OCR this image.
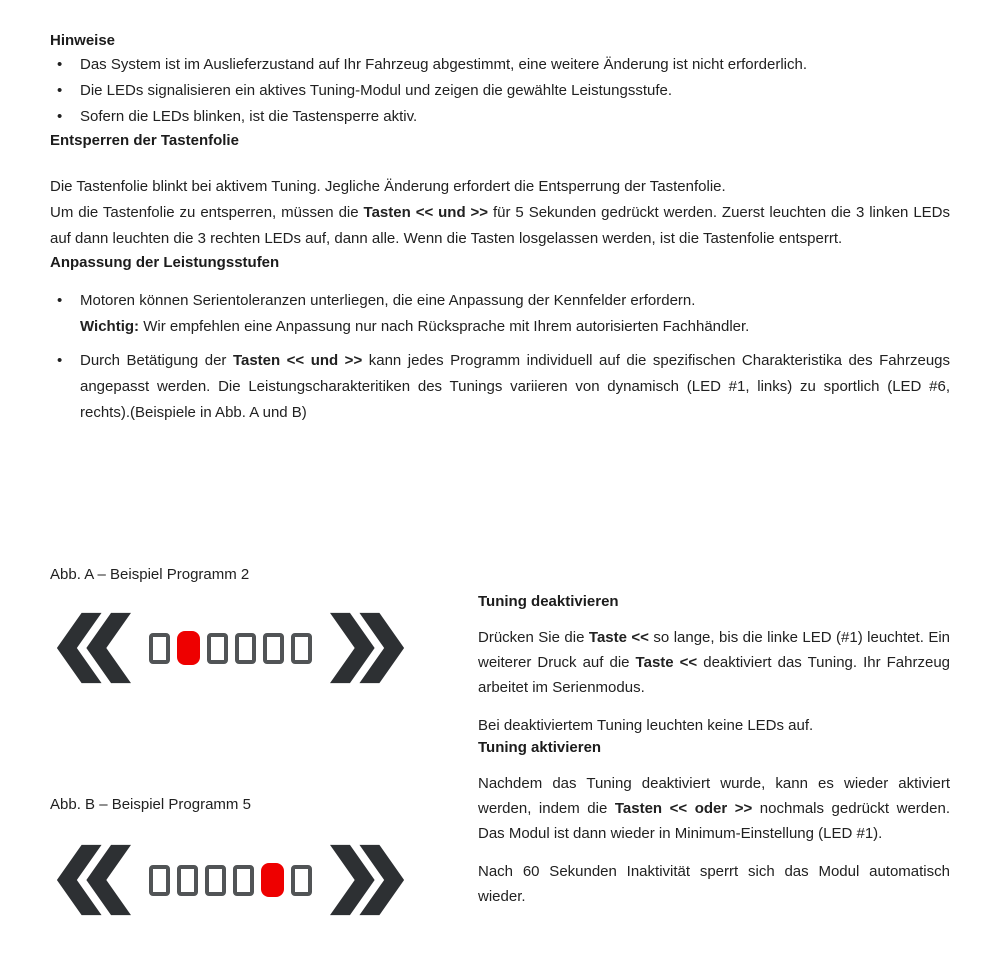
Hinweise
• Das System ist im Auslieferzustand auf Ihr Fahrzeug abgestimmt, eine weitere Änderung ist nicht erforderlich.
• Die LEDs signalisieren ein aktives Tuning-Modul und zeigen die gewählte Leistungsstufe.
• Sofern die LEDs blinken, ist die Tastensperre aktiv.
Entsperren der Tastenfolie

Die Tastenfolie blinkt bei aktivem Tuning. Jegliche Änderung erfordert die Entsperrung der Tastenfolie.

Um die Tastenfolie zu entsperren, müssen die Tasten << und >> für 5 Sekunden gedrückt werden. Zuerst leuchten die 3 linken LEDs auf dann leuchten die 3 rechten LEDs auf, dann alle. Wenn die Tasten losgelassen werden, ist die Tastenfolie entsperrt.

Anpassung der Leistungsstufen
• Motoren können Serientoleranzen unterliegen, die eine Anpassung der Kennfelder erfordern.
Wichtig: Wir empfehlen eine Anpassung nur nach Rücksprache mit Ihrem autorisierten Fachhändler.
• Durch Betätigung der Tasten << und >> kann jedes Programm individuell auf die spezifischen Charakteristika des Fahrzeugs angepasst werden. Die Leistungscharakteritiken des Tunings variieren von dynamisch (LED #1, links) zu sportlich (LED #6, rechts).(Beispiele in Abb. A und B)
Abb. A – Beispiel Programm 2
Abb. B – Beispiel Programm 5
Tuning deaktivieren

Drücken Sie die Taste << so lange, bis die linke LED (#1) leuchtet. Ein weiterer Druck auf die Taste << deaktiviert das Tuning. Ihr Fahrzeug arbeitet im Serienmodus.

Bei deaktiviertem Tuning leuchten keine LEDs auf.

Tuning aktivieren

Nachdem das Tuning deaktiviert wurde, kann es wieder aktiviert werden, indem die Tasten << oder >> nochmals gedrückt werden. Das Modul ist dann wieder in Minimum-Einstellung (LED #1).

Nach 60 Sekunden Inaktivität sperrt sich das Modul automatisch wieder.
